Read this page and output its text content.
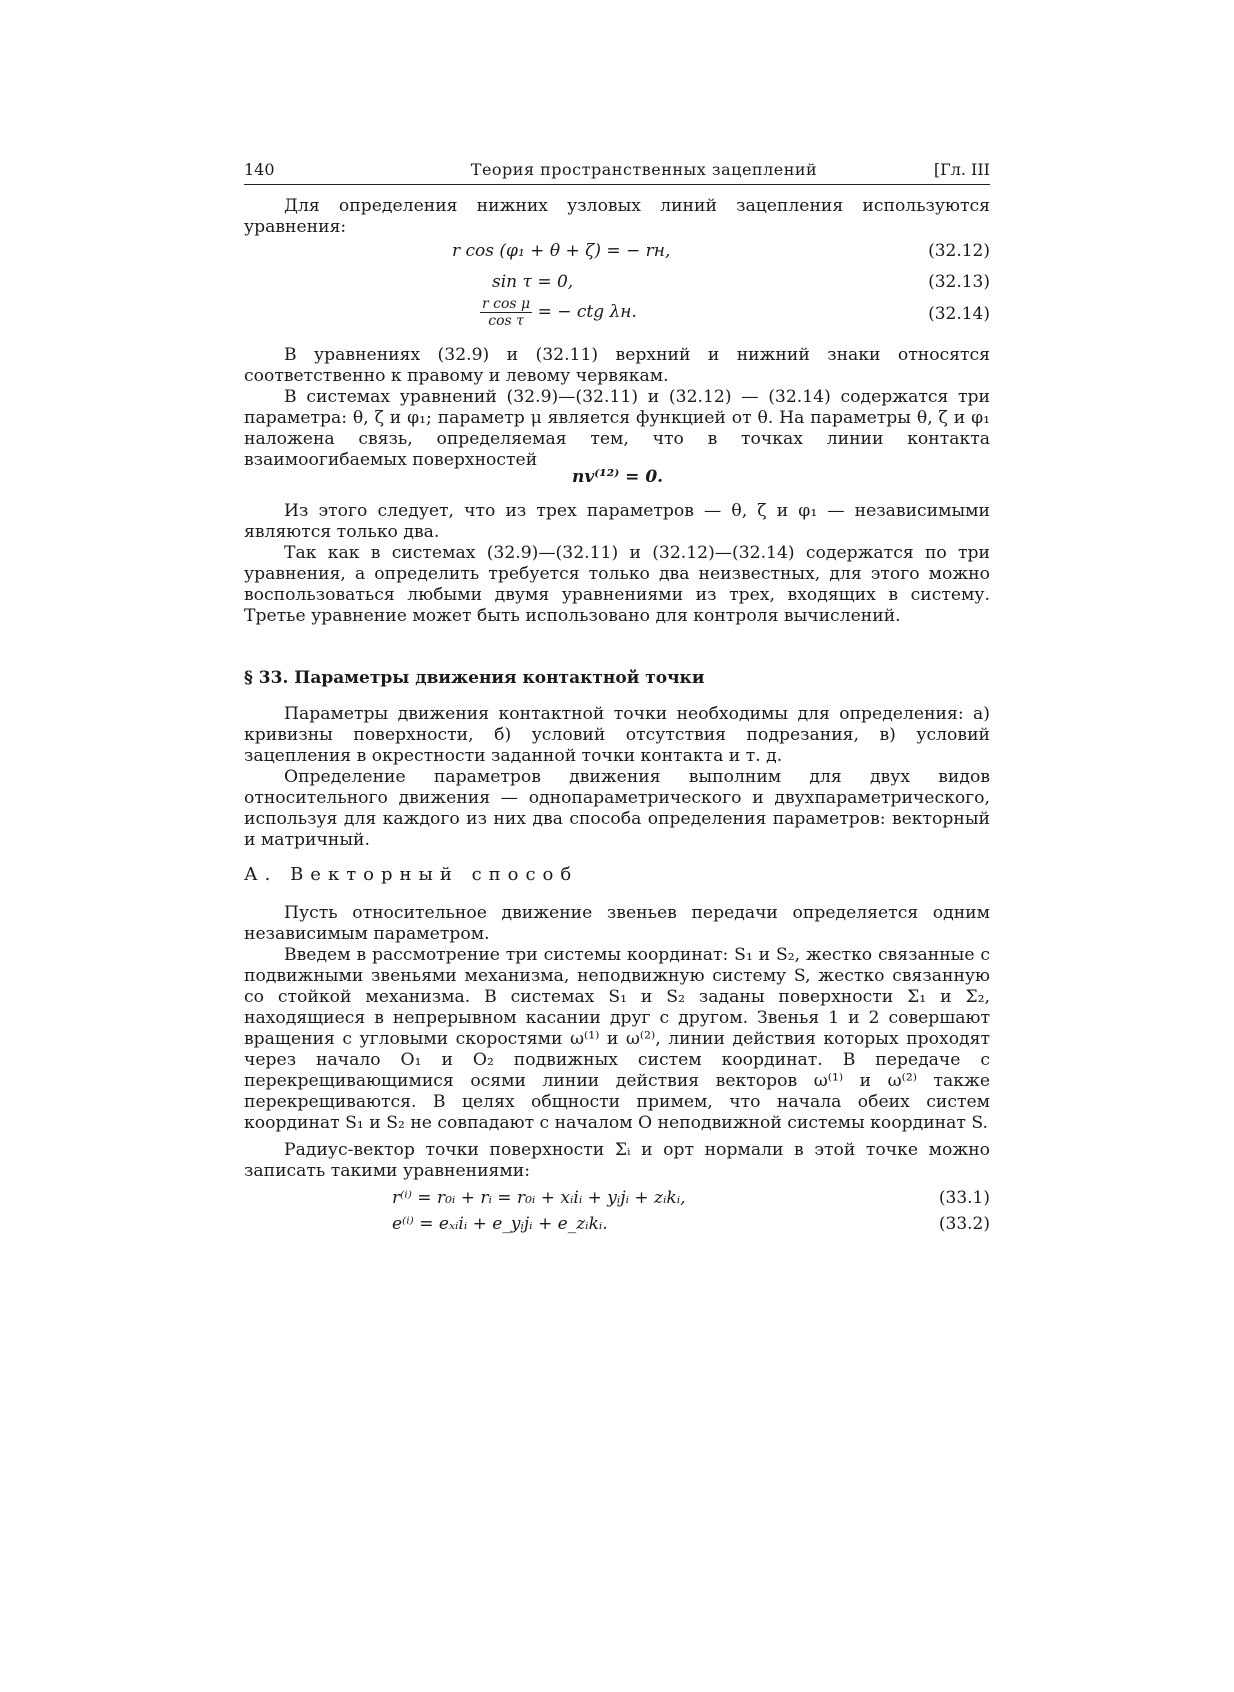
140	Теория пространственных зацеплений	[Гл. III
Для определения нижних узловых линий зацепления используются уравнения:
r cos (φ₁ + θ + ζ) = − rн,	(32.12)
sin τ = 0,	(32.13)
$\frac{\text{r cos μ}}{\text{cos τ}}$ = − ctg λн.	(32.14)
В уравнениях (32.9) и (32.11) верхний и нижний знаки относятся соответственно к правому и левому червякам.
В системах уравнений (32.9)—(32.11) и (32.12) — (32.14) содержатся три параметра: θ, ζ и φ₁; параметр μ является функцией от θ. На параметры θ, ζ и φ₁ наложена связь, определяемая тем, что в точках линии контакта взаимоогибаемых поверхностей
nv⁽¹²⁾ = 0.
Из этого следует, что из трех параметров — θ, ζ и φ₁ — независимыми являются только два.
Так как в системах (32.9)—(32.11) и (32.12)—(32.14) содержатся по три уравнения, а определить требуется только два неизвестных, для этого можно воспользоваться любыми двумя уравнениями из трех, входящих в систему. Третье уравнение может быть использовано для контроля вычислений.
§ 33. Параметры движения контактной точки
Параметры движения контактной точки необходимы для определения: а) кривизны поверхности, б) условий отсутствия подрезания, в) условий зацепления в окрестности заданной точки контакта и т. д.
Определение параметров движения выполним для двух видов относительного движения — однопараметрического и двухпараметрического, используя для каждого из них два способа определения параметров: векторный и матричный.
А. Векторный способ
Пусть относительное движение звеньев передачи определяется одним независимым параметром.
Введем в рассмотрение три системы координат: S₁ и S₂, жестко связанные с подвижными звеньями механизма, неподвижную систему S, жестко связанную со стойкой механизма. В системах S₁ и S₂ заданы поверхности Σ₁ и Σ₂, находящиеся в непрерывном касании друг с другом. Звенья 1 и 2 совершают вращения с угловыми скоростями ω⁽¹⁾ и ω⁽²⁾, линии действия которых проходят через начало O₁ и O₂ подвижных систем координат. В передаче с перекрещивающимися осями линии действия векторов ω⁽¹⁾ и ω⁽²⁾ также перекрещиваются. В целях общности примем, что начала обеих систем координат S₁ и S₂ не совпадают с началом O неподвижной системы координат S.
Радиус-вектор точки поверхности Σᵢ и орт нормали в этой точке можно записать такими уравнениями:
r⁽ⁱ⁾ = r₀ᵢ + rᵢ = r₀ᵢ + xᵢiᵢ + yᵢjᵢ + zᵢkᵢ,	(33.1)
e⁽ⁱ⁾ = eₓᵢiᵢ + e_yᵢjᵢ + e_zᵢkᵢ.	(33.2)
